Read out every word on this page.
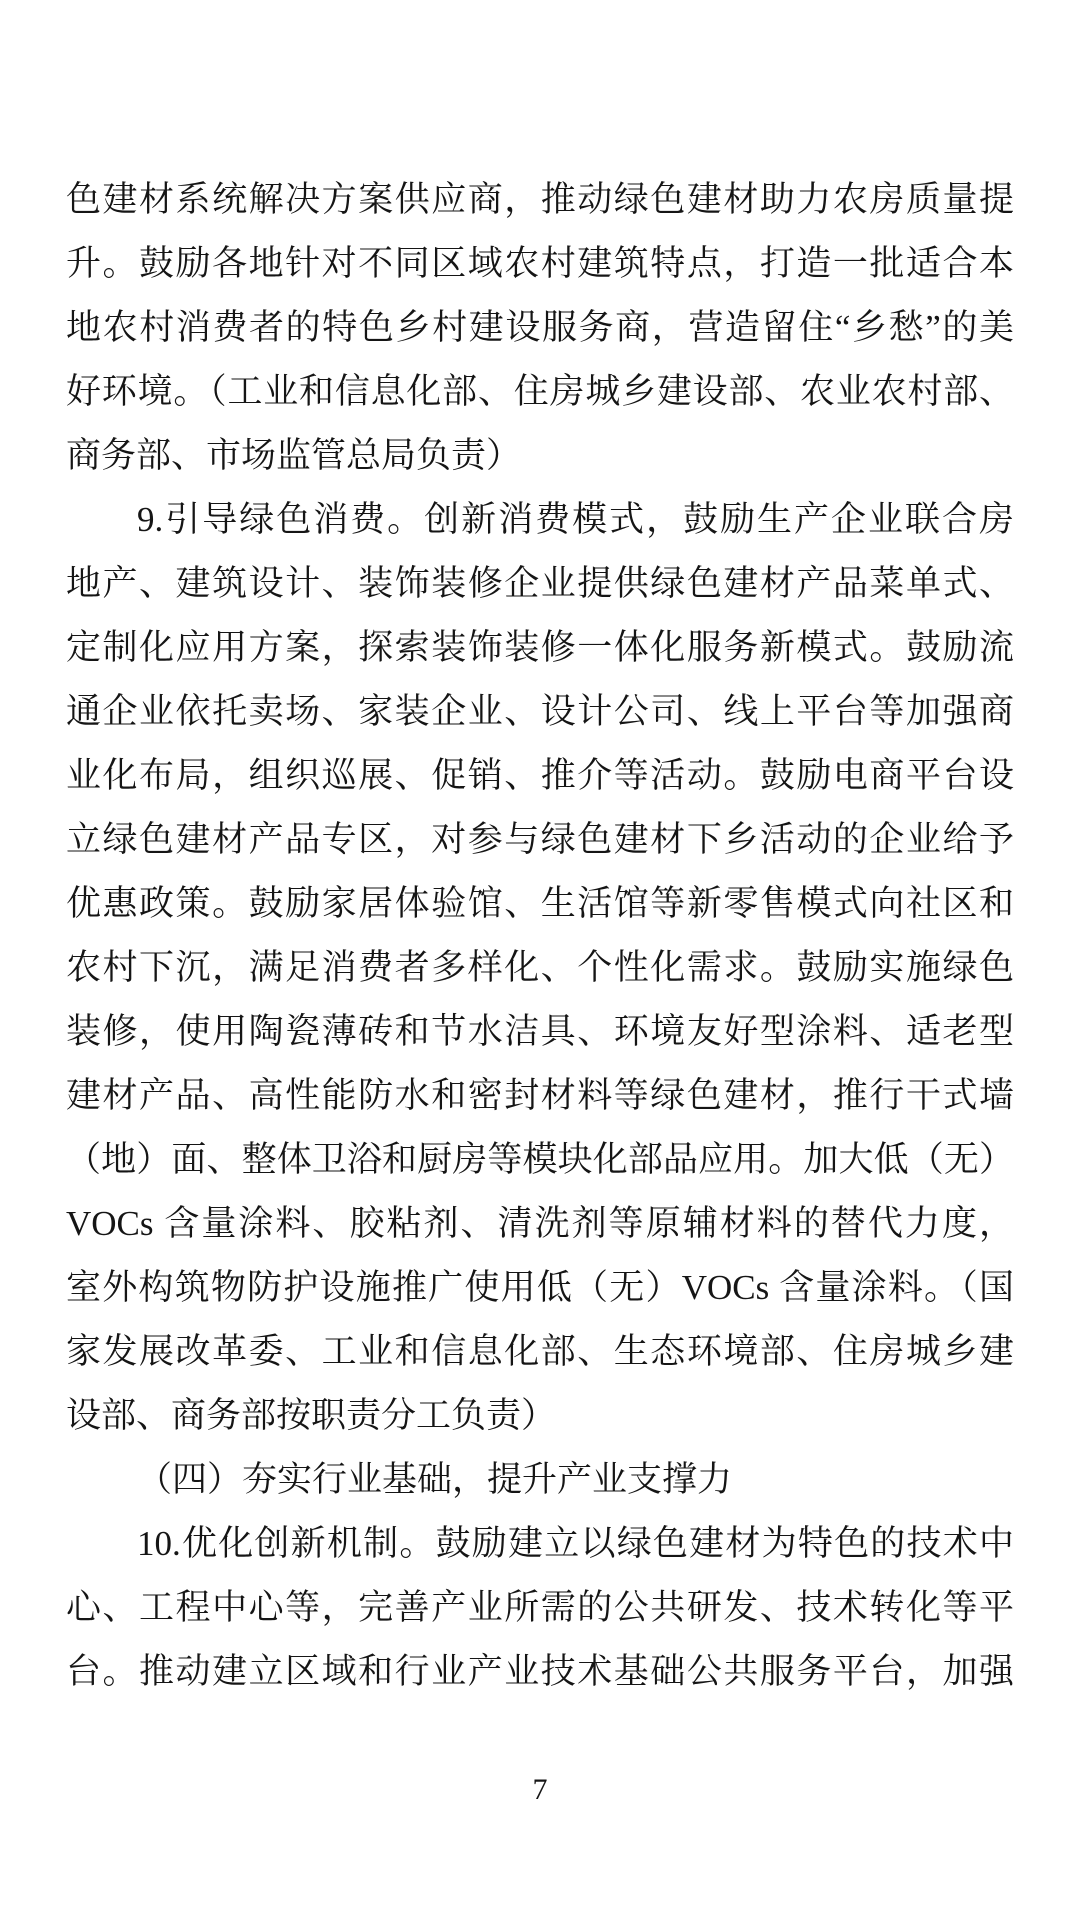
色建材系统解决方案供应商，推动绿色建材助力农房质量提

升。鼓励各地针对不同区域农村建筑特点，打造一批适合本

地农村消费者的特色乡村建设服务商，营造留住“乡愁”的美

好环境。（工业和信息化部、住房城乡建设部、农业农村部、

商务部、市场监管总局负责）

9.引导绿色消费。创新消费模式，鼓励生产企业联合房

地产、建筑设计、装饰装修企业提供绿色建材产品菜单式、

定制化应用方案，探索装饰装修一体化服务新模式。鼓励流

通企业依托卖场、家装企业、设计公司、线上平台等加强商

业化布局，组织巡展、促销、推介等活动。鼓励电商平台设

立绿色建材产品专区，对参与绿色建材下乡活动的企业给予

优惠政策。鼓励家居体验馆、生活馆等新零售模式向社区和

农村下沉，满足消费者多样化、个性化需求。鼓励实施绿色

装修，使用陶瓷薄砖和节水洁具、环境友好型涂料、适老型

建材产品、高性能防水和密封材料等绿色建材，推行干式墙

（地）面、整体卫浴和厨房等模块化部品应用。加大低（无）

VOCs 含量涂料、胶粘剂、清洗剂等原辅材料的替代力度，

室外构筑物防护设施推广使用低（无）VOCs 含量涂料。（国

家发展改革委、工业和信息化部、生态环境部、住房城乡建

设部、商务部按职责分工负责）

（四）夯实行业基础，提升产业支撑力

10.优化创新机制。鼓励建立以绿色建材为特色的技术中

心、工程中心等，完善产业所需的公共研发、技术转化等平

台。推动建立区域和行业产业技术基础公共服务平台，加强

7
